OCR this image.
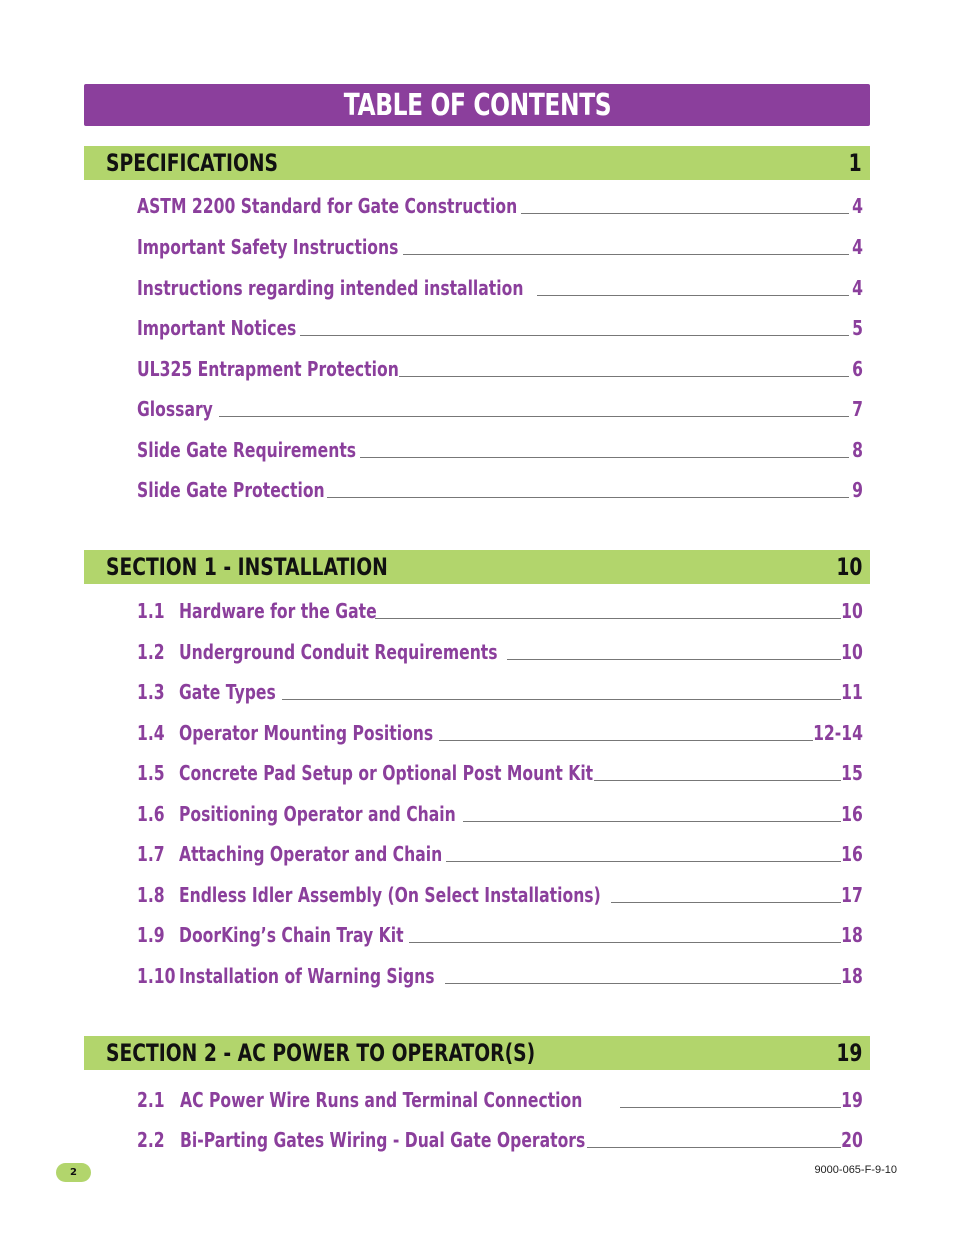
TABLE OF CONTENTS
SPECIFICATIONS	1
ASTM 2200 Standard for Gate Construction	4
Important Safety Instructions	4
Instructions regarding intended installation	4
Important Notices	5
UL325 Entrapment Protection	6
Glossary	7
Slide Gate Requirements	8
Slide Gate Protection	9
SECTION 1 - INSTALLATION	10
1.1 Hardware for the Gate	10
1.2 Underground Conduit Requirements	10
1.3 Gate Types	11
1.4 Operator Mounting Positions	12-14
1.5 Concrete Pad Setup or Optional Post Mount Kit	15
1.6 Positioning Operator and Chain	16
1.7 Attaching Operator and Chain	16
1.8 Endless Idler Assembly (On Select Installations)	17
1.9 DoorKing’s Chain Tray Kit	18
1.10 Installation of Warning Signs	18
SECTION 2 - AC POWER TO OPERATOR(S)	19
2.1 AC Power Wire Runs and Terminal Connection	19
2.2 Bi-Parting Gates Wiring - Dual Gate Operators	20
2	9000-065-F-9-10
